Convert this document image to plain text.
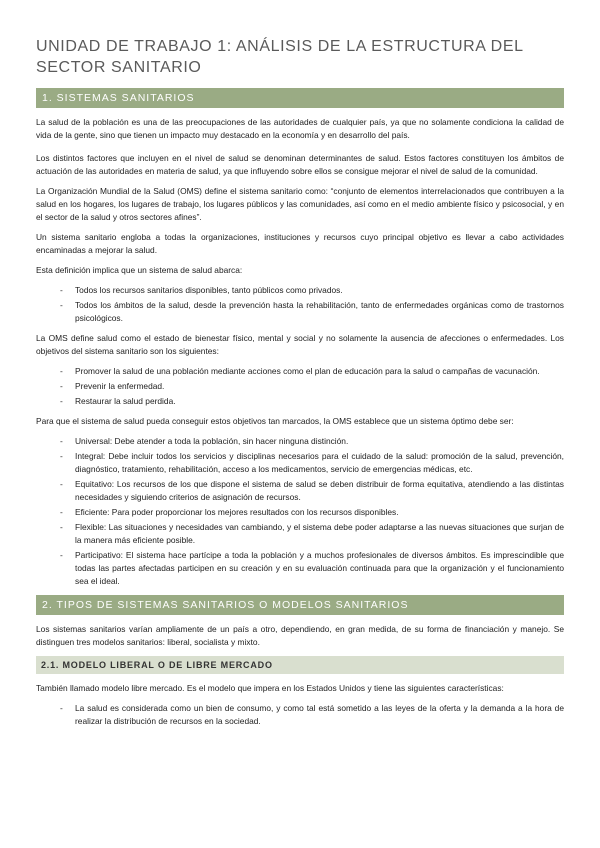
UNIDAD DE TRABAJO 1: ANÁLISIS DE LA ESTRUCTURA DEL SECTOR SANITARIO
1. SISTEMAS SANITARIOS

La salud de la población es una de las preocupaciones de las autoridades de cualquier país, ya que no solamente condiciona la calidad de vida de la gente, sino que tienen un impacto muy destacado en la economía y en desarrollo del país.

Los distintos factores que incluyen en el nivel de salud se denominan determinantes de salud. Estos factores constituyen los ámbitos de actuación de las autoridades en materia de salud, ya que influyendo sobre ellos se consigue mejorar el nivel de salud de la comunidad.

La Organización Mundial de la Salud (OMS) define el sistema sanitario como: “conjunto de elementos interrelacionados que contribuyen a la salud en los hogares, los lugares de trabajo, los lugares públicos y las comunidades, así como en el medio ambiente físico y psicosocial, y en el sector de la salud y otros sectores afines”.

Un sistema sanitario engloba a todas la organizaciones, instituciones y recursos cuyo principal objetivo es llevar a cabo actividades encaminadas a mejorar la salud.

Esta definición implica que un sistema de salud abarca:

- Todos los recursos sanitarios disponibles, tanto públicos como privados.
- Todos los ámbitos de la salud, desde la prevención hasta la rehabilitación, tanto de enfermedades orgánicas como de trastornos psicológicos.

La OMS define salud como el estado de bienestar físico, mental y social y no solamente la ausencia de afecciones o enfermedades. Los objetivos del sistema sanitario son los siguientes:

- Promover la salud de una población mediante acciones como el plan de educación para la salud o campañas de vacunación.
- Prevenir la enfermedad.
- Restaurar la salud perdida.

Para que el sistema de salud pueda conseguir estos objetivos tan marcados, la OMS establece que un sistema óptimo debe ser:

- Universal: Debe atender a toda la población, sin hacer ninguna distinción.
- Integral: Debe incluir todos los servicios y disciplinas necesarios para el cuidado de la salud: promoción de la salud, prevención, diagnóstico, tratamiento, rehabilitación, acceso a los medicamentos, servicio de emergencias médicas, etc.
- Equitativo: Los recursos de los que dispone el sistema de salud se deben distribuir de forma equitativa, atendiendo a las distintas necesidades y siguiendo criterios de asignación de recursos.
- Eficiente: Para poder proporcionar los mejores resultados con los recursos disponibles.
- Flexible: Las situaciones y necesidades van cambiando, y el sistema debe poder adaptarse a las nuevas situaciones que surjan de la manera más eficiente posible.
- Participativo: El sistema hace partícipe a toda la población y a muchos profesionales de diversos ámbitos. Es imprescindible que todas las partes afectadas participen en su creación y en su evaluación continuada para que la organización y el funcionamiento sea el ideal.
2. TIPOS DE SISTEMAS SANITARIOS O MODELOS SANITARIOS

Los sistemas sanitarios varían ampliamente de un país a otro, dependiendo, en gran medida, de su forma de financiación y manejo. Se distinguen tres modelos sanitarios: liberal, socialista y mixto.

2.1. MODELO LIBERAL O DE LIBRE MERCADO

También llamado modelo libre mercado. Es el modelo que impera en los Estados Unidos y tiene las siguientes características:

- La salud es considerada como un bien de consumo, y como tal está sometido a las leyes de la oferta y la demanda a la hora de realizar la distribución de recursos en la sociedad.
